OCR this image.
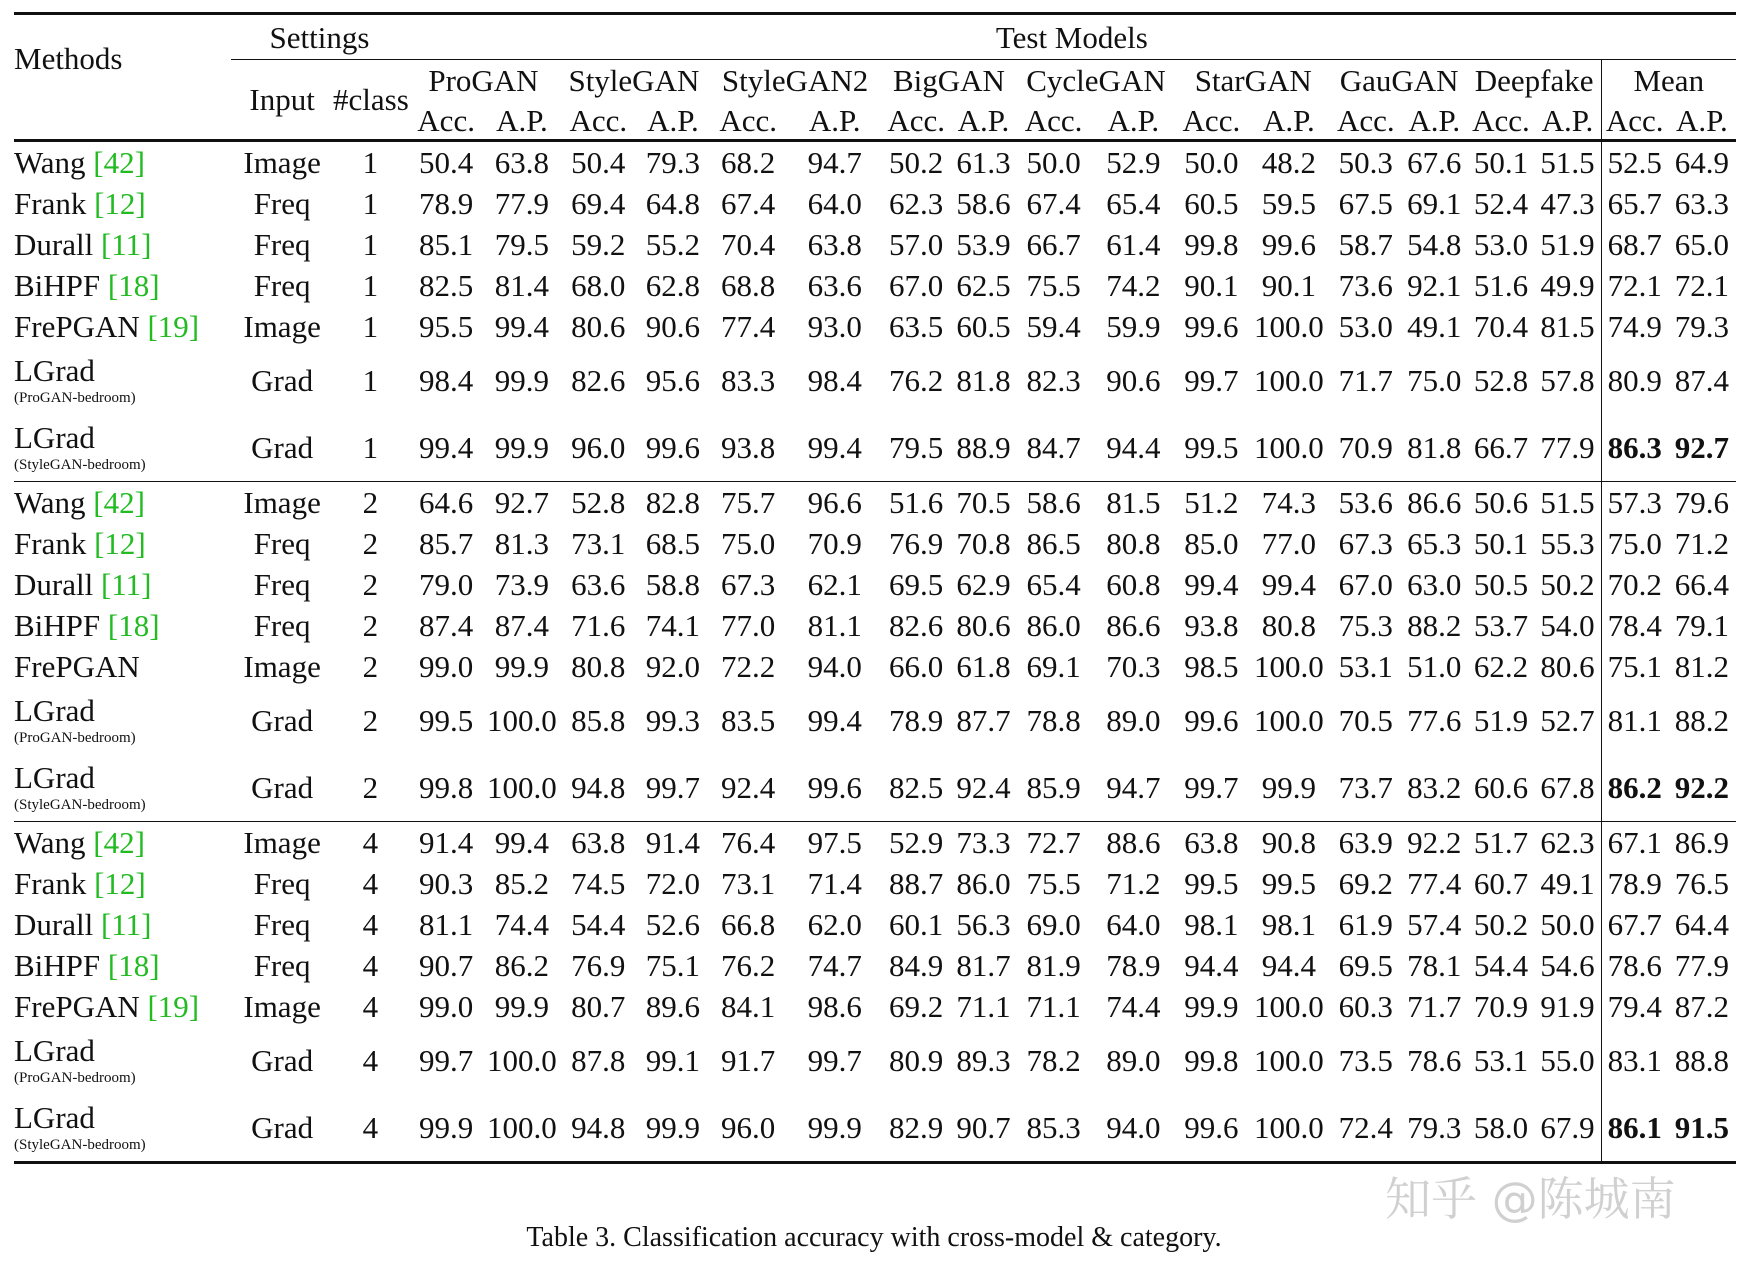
Methods	Settings		Test Models																	
	Input	#class	ProGAN		StyleGAN		StyleGAN2		BigGAN		CycleGAN		StarGAN		GauGAN		Deepfake		Mean	
			Acc.	A.P.	Acc.	A.P.	Acc.	A.P.	Acc.	A.P.	Acc.	A.P.	Acc.	A.P.	Acc.	A.P.	Acc.	A.P.	Acc.	A.P.
Wang [42]	Image	1	50.4	63.8	50.4	79.3	68.2	94.7	50.2	61.3	50.0	52.9	50.0	48.2	50.3	67.6	50.1	51.5	52.5	64.9
Frank [12]	Freq	1	78.9	77.9	69.4	64.8	67.4	64.0	62.3	58.6	67.4	65.4	60.5	59.5	67.5	69.1	52.4	47.3	65.7	63.3
Durall [11]	Freq	1	85.1	79.5	59.2	55.2	70.4	63.8	57.0	53.9	66.7	61.4	99.8	99.6	58.7	54.8	53.0	51.9	68.7	65.0
BiHPF [18]	Freq	1	82.5	81.4	68.0	62.8	68.8	63.6	67.0	62.5	75.5	74.2	90.1	90.1	73.6	92.1	51.6	49.9	72.1	72.1
FrePGAN [19]	Image	1	95.5	99.4	80.6	90.6	77.4	93.0	63.5	60.5	59.4	59.9	99.6	100.0	53.0	49.1	70.4	81.5	74.9	79.3
LGrad
(ProGAN-bedroom)	Grad	1	98.4	99.9	82.6	95.6	83.3	98.4	76.2	81.8	82.3	90.6	99.7	100.0	71.7	75.0	52.8	57.8	80.9	87.4
LGrad
(StyleGAN-bedroom)	Grad	1	99.4	99.9	96.0	99.6	93.8	99.4	79.5	88.9	84.7	94.4	99.5	100.0	70.9	81.8	66.7	77.9	86.3	92.7
Wang [42]	Image	2	64.6	92.7	52.8	82.8	75.7	96.6	51.6	70.5	58.6	81.5	51.2	74.3	53.6	86.6	50.6	51.5	57.3	79.6
Frank [12]	Freq	2	85.7	81.3	73.1	68.5	75.0	70.9	76.9	70.8	86.5	80.8	85.0	77.0	67.3	65.3	50.1	55.3	75.0	71.2
Durall [11]	Freq	2	79.0	73.9	63.6	58.8	67.3	62.1	69.5	62.9	65.4	60.8	99.4	99.4	67.0	63.0	50.5	50.2	70.2	66.4
BiHPF [18]	Freq	2	87.4	87.4	71.6	74.1	77.0	81.1	82.6	80.6	86.0	86.6	93.8	80.8	75.3	88.2	53.7	54.0	78.4	79.1
FrePGAN	Image	2	99.0	99.9	80.8	92.0	72.2	94.0	66.0	61.8	69.1	70.3	98.5	100.0	53.1	51.0	62.2	80.6	75.1	81.2
LGrad
(ProGAN-bedroom)	Grad	2	99.5	100.0	85.8	99.3	83.5	99.4	78.9	87.7	78.8	89.0	99.6	100.0	70.5	77.6	51.9	52.7	81.1	88.2
LGrad
(StyleGAN-bedroom)	Grad	2	99.8	100.0	94.8	99.7	92.4	99.6	82.5	92.4	85.9	94.7	99.7	99.9	73.7	83.2	60.6	67.8	86.2	92.2
Wang [42]	Image	4	91.4	99.4	63.8	91.4	76.4	97.5	52.9	73.3	72.7	88.6	63.8	90.8	63.9	92.2	51.7	62.3	67.1	86.9
Frank [12]	Freq	4	90.3	85.2	74.5	72.0	73.1	71.4	88.7	86.0	75.5	71.2	99.5	99.5	69.2	77.4	60.7	49.1	78.9	76.5
Durall [11]	Freq	4	81.1	74.4	54.4	52.6	66.8	62.0	60.1	56.3	69.0	64.0	98.1	98.1	61.9	57.4	50.2	50.0	67.7	64.4
BiHPF [18]	Freq	4	90.7	86.2	76.9	75.1	76.2	74.7	84.9	81.7	81.9	78.9	94.4	94.4	69.5	78.1	54.4	54.6	78.6	77.9
FrePGAN [19]	Image	4	99.0	99.9	80.7	89.6	84.1	98.6	69.2	71.1	71.1	74.4	99.9	100.0	60.3	71.7	70.9	91.9	79.4	87.2
LGrad
(ProGAN-bedroom)	Grad	4	99.7	100.0	87.8	99.1	91.7	99.7	80.9	89.3	78.2	89.0	99.8	100.0	73.5	78.6	53.1	55.0	83.1	88.8
LGrad
(StyleGAN-bedroom)	Grad	4	99.9	100.0	94.8	99.9	96.0	99.9	82.9	90.7	85.3	94.0	99.6	100.0	72.4	79.3	58.0	67.9	86.1	91.5
Table 3. Classification accuracy with cross-model & category.
知乎 @陈城南
